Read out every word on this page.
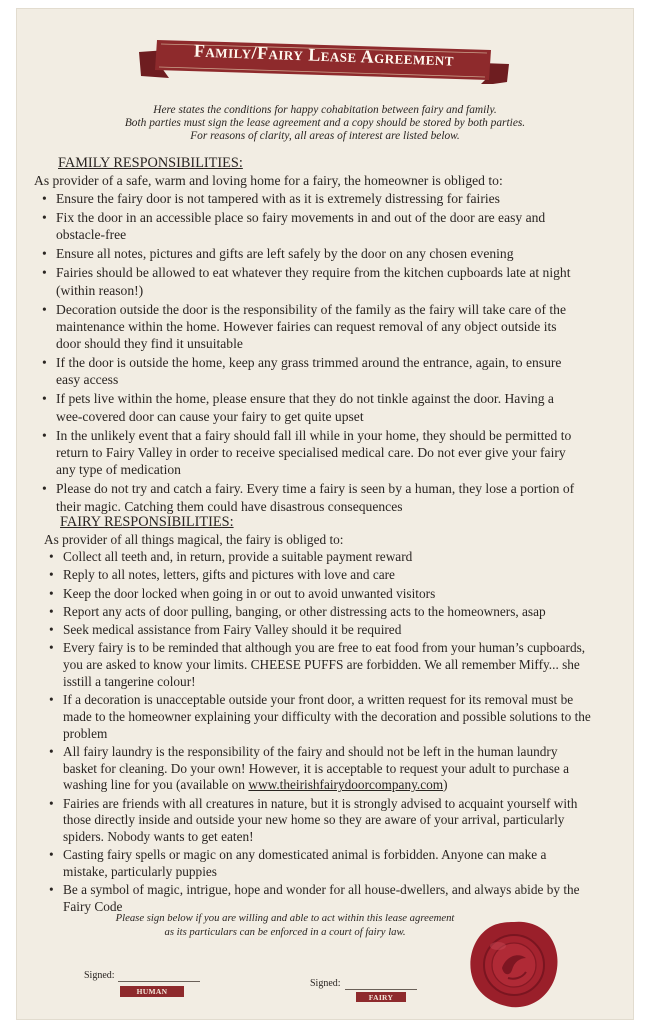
Family/Fairy Lease Agreement
Here states the conditions for happy cohabitation between fairy and family.
Both parties must sign the lease agreement and a copy should be stored by both parties.
For reasons of clarity, all areas of interest are listed below.
FAMILY RESPONSIBILITIES:
As provider of a safe, warm and loving home for a fairy, the homeowner is obliged to:
• Ensure the fairy door is not tampered with as it is extremely distressing for fairies
• Fix the door in an accessible place so fairy movements in and out of the door are easy and obstacle-free
• Ensure all notes, pictures and gifts are left safely by the door on any chosen evening
• Fairies should be allowed to eat whatever they require from the kitchen cupboards late at night (within reason!)
• Decoration outside the door is the responsibility of the family as the fairy will take care of the maintenance within the home. However fairies can request removal of any object outside its door should they find it unsuitable
• If the door is outside the home, keep any grass trimmed around the entrance, again, to ensure easy access
• If pets live within the home, please ensure that they do not tinkle against the door. Having a wee-covered door can cause your fairy to get quite upset
• In the unlikely event that a fairy should fall ill while in your home, they should be permitted to return to Fairy Valley in order to receive specialised medical care. Do not ever give your fairy any type of medication
• Please do not try and catch a fairy. Every time a fairy is seen by a human, they lose a portion of their magic. Catching them could have disastrous consequences
FAIRY RESPONSIBILITIES:
As provider of all things magical, the fairy is obliged to:
• Collect all teeth and, in return, provide a suitable payment reward
• Reply to all notes, letters, gifts and pictures with love and care
• Keep the door locked when going in or out to avoid unwanted visitors
• Report any acts of door pulling, banging, or other distressing acts to the homeowners, asap
• Seek medical assistance from Fairy Valley should it be required
• Every fairy is to be reminded that although you are free to eat food from your human’s cupboards, you are asked to know your limits. CHEESE PUFFS are forbidden. We all remember Miffy... she isstill a tangerine colour!
• If a decoration is unacceptable outside your front door, a written request for its removal must be made to the homeowner explaining your difficulty with the decoration and possible solutions to the problem
• All fairy laundry is the responsibility of the fairy and should not be left in the human laundry basket for cleaning. Do your own! However, it is acceptable to request your adult to purchase a washing line for you (available on www.theirishfairydoorcompany.com)
• Fairies are friends with all creatures in nature, but it is strongly advised to acquaint yourself with those directly inside and outside your new home so they are aware of your arrival, particularly spiders. Nobody wants to get eaten!
• Casting fairy spells or magic on any domesticated animal is forbidden. Anyone can make a mistake, particularly puppies
• Be a symbol of magic, intrigue, hope and wonder for all house-dwellers, and always abide by the Fairy Code
Please sign below if you are willing and able to act within this lease agreement
as its particulars can be enforced in a court of fairy law.
Signed:
HUMAN
Signed:
FAIRY
